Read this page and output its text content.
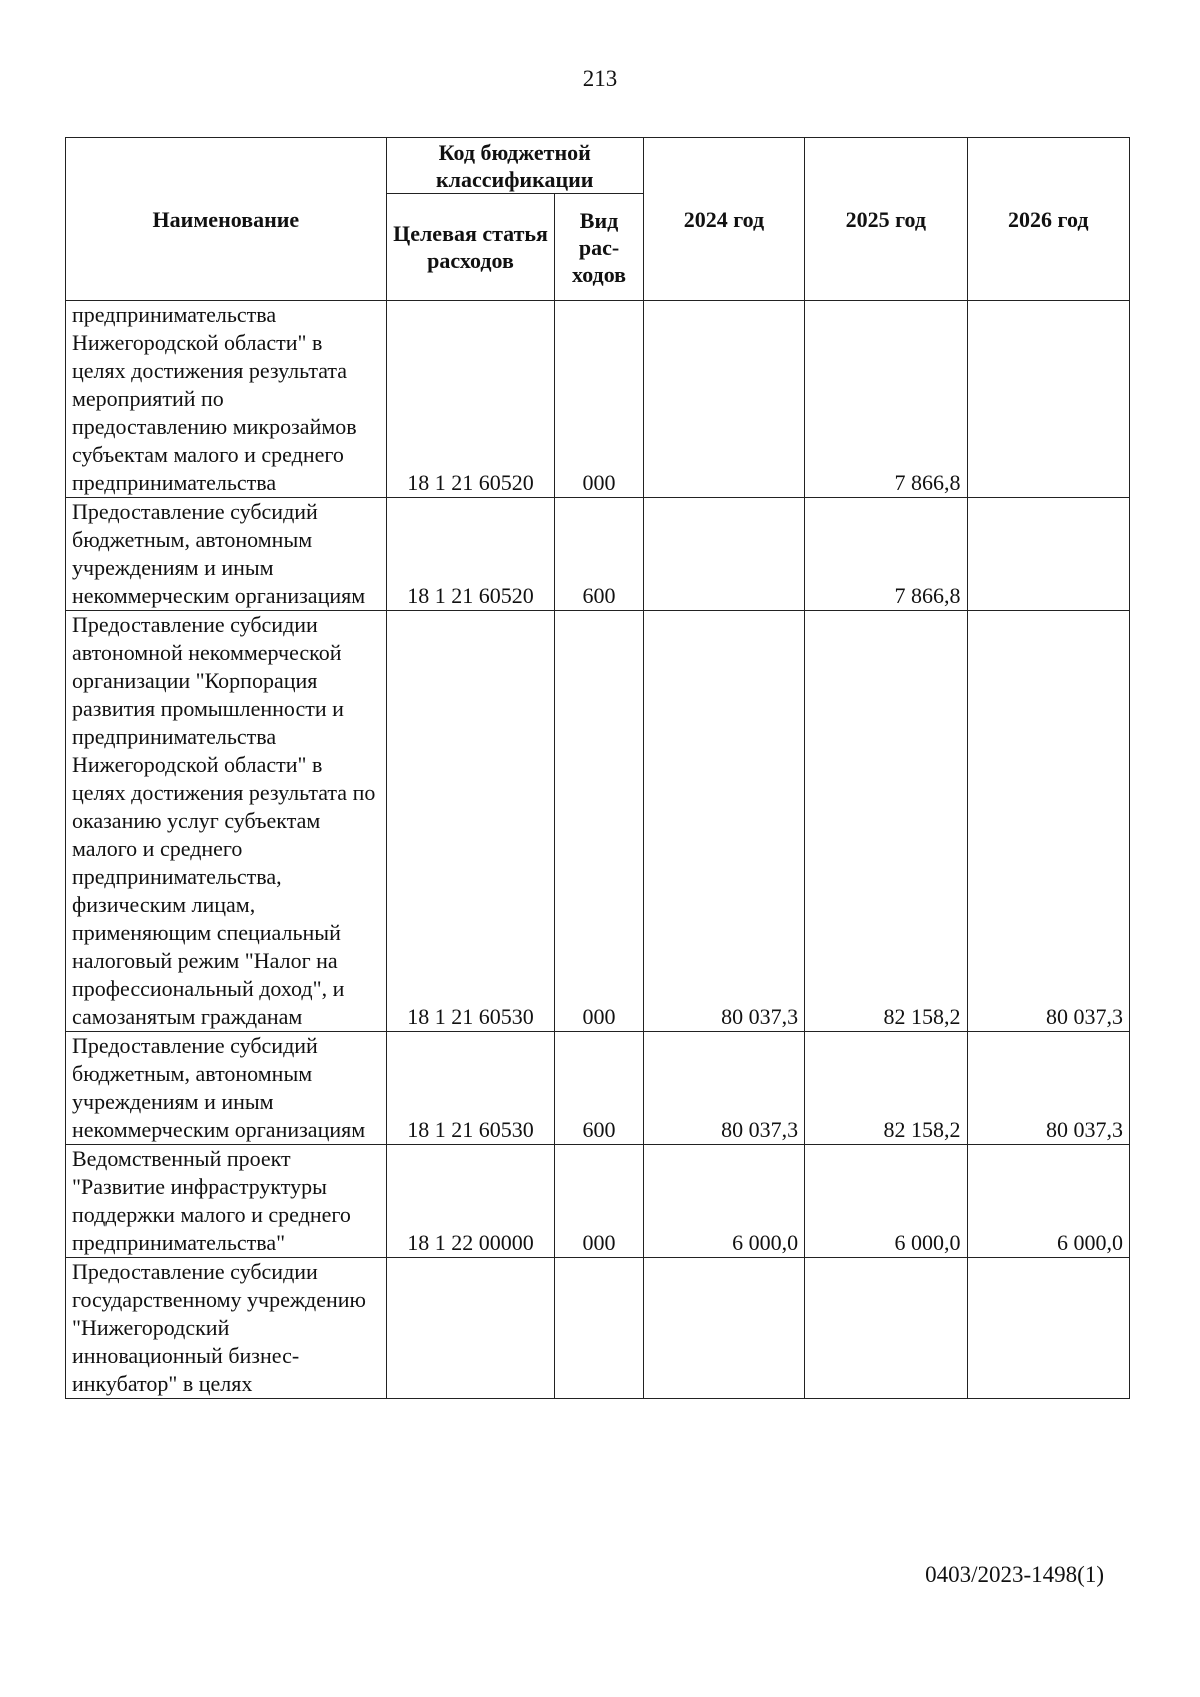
213
Наименование	Код бюджетной классификации		2024 год	2025 год	2026 год
	Целевая статья расходов	Вид рас-ходов			
предпринимательства Нижегородской области" в целях достижения результата мероприятий по предоставлению микрозаймов субъектам малого и среднего предпринимательства	18 1 21 60520	000		7 866,8	
Предоставление субсидий бюджетным, автономным учреждениям и иным некоммерческим организациям	18 1 21 60520	600		7 866,8	
Предоставление субсидии автономной некоммерческой организации "Корпорация развития промышленности и предпринимательства Нижегородской области" в целях достижения результата по оказанию услуг субъектам малого и среднего предпринимательства, физическим лицам, применяющим специальный налоговый режим "Налог на профессиональный доход", и самозанятым гражданам	18 1 21 60530	000	80 037,3	82 158,2	80 037,3
Предоставление субсидий бюджетным, автономным учреждениям и иным некоммерческим организациям	18 1 21 60530	600	80 037,3	82 158,2	80 037,3
Ведомственный проект "Развитие инфраструктуры поддержки малого и среднего предпринимательства"	18 1 22 00000	000	6 000,0	6 000,0	6 000,0
Предоставление субсидии государственному учреждению "Нижегородский инновационный бизнес-инкубатор" в целях					
0403/2023-1498(1)
